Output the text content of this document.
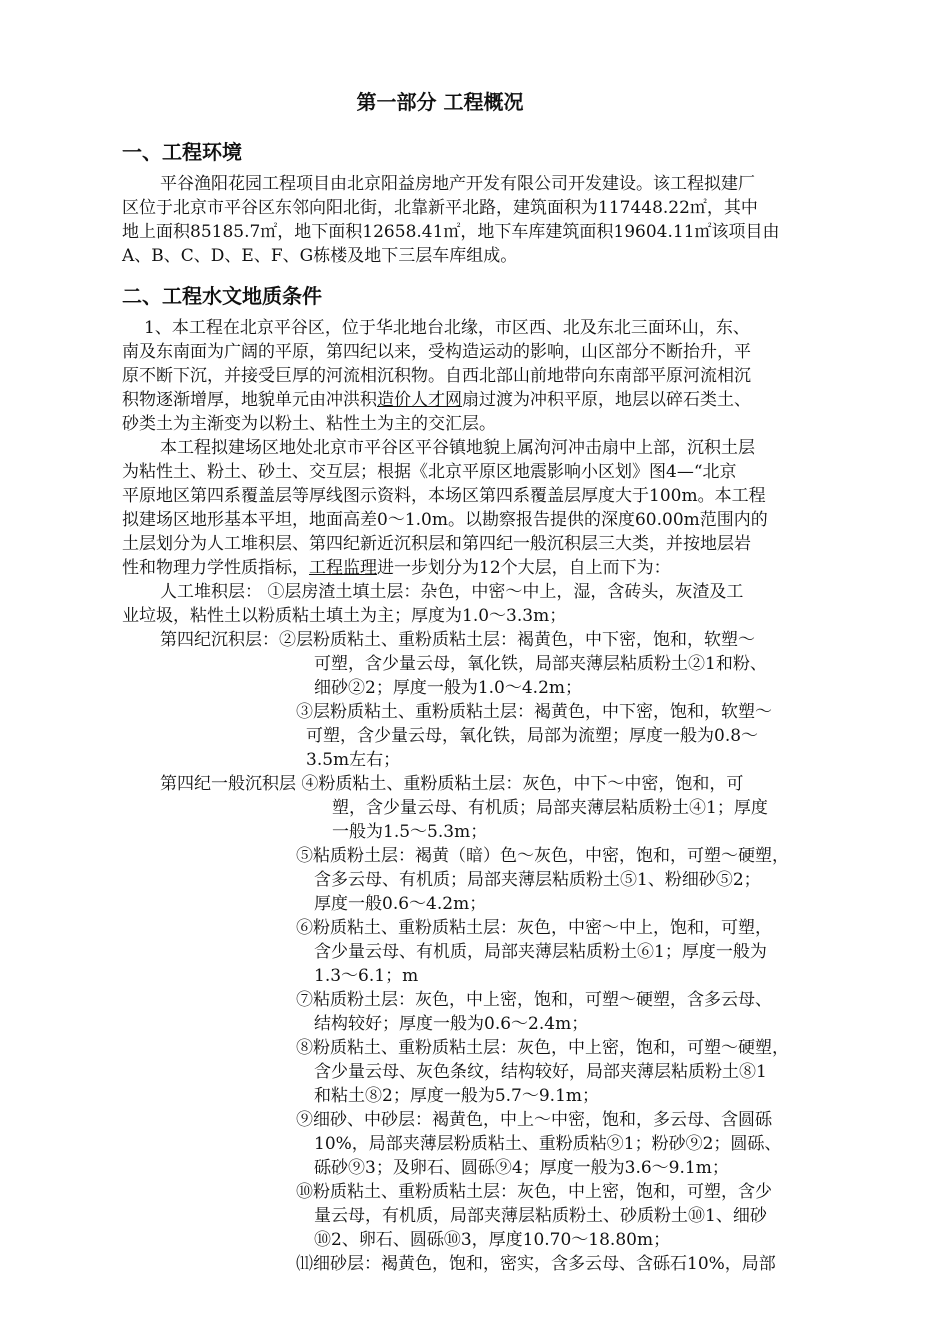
第一部分 工程概况
一、工程环境
平谷渔阳花园工程项目由北京阳益房地产开发有限公司开发建设。该工程拟建厂
区位于北京市平谷区东邻向阳北街，北靠新平北路，建筑面积为117448.22㎡，其中
地上面积85185.7㎡，地下面积12658.41㎡，地下车库建筑面积19604.11㎡该项目由
A、B、C、D、E、F、G栋楼及地下三层车库组成。
二、工程水文地质条件
1、本工程在北京平谷区，位于华北地台北缘，市区西、北及东北三面环山，东、
南及东南面为广阔的平原，第四纪以来，受构造运动的影响，山区部分不断抬升，平
原不断下沉，并接受巨厚的河流相沉积物。自西北部山前地带向东南部平原河流相沉
积物逐渐增厚，地貌单元由冲洪积造价人才网扇过渡为冲积平原，地层以碎石类土、
砂类土为主渐变为以粉土、粘性土为主的交汇层。
本工程拟建场区地处北京市平谷区平谷镇地貌上属泃河冲击扇中上部，沉积土层
为粘性土、粉土、砂土、交互层；根据《北京平原区地震影响小区划》图4—“北京
平原地区第四系覆盖层等厚线图示资料，本场区第四系覆盖层厚度大于100m。本工程
拟建场区地形基本平坦，地面高差0～1.0m。以勘察报告提供的深度60.00m范围内的
土层划分为人工堆积层、第四纪新近沉积层和第四纪一般沉积层三大类，并按地层岩
性和物理力学性质指标，工程监理进一步划分为12个大层，自上而下为：
人工堆积层： ①层房渣土填土层：杂色，中密～中上，湿，含砖头，灰渣及工
业垃圾，粘性土以粉质粘土填土为主；厚度为1.0～3.3m；
第四纪沉积层：②层粉质粘土、重粉质粘土层：褐黄色，中下密，饱和，软塑～
可塑，含少量云母，氧化铁，局部夹薄层粘质粉土②1和粉、
细砂②2；厚度一般为1.0～4.2m；
③层粉质粘土、重粉质粘土层：褐黄色，中下密，饱和，软塑～
可塑，含少量云母，氧化铁，局部为流塑；厚度一般为0.8～
3.5m左右；
第四纪一般沉积层 ④粉质粘土、重粉质粘土层：灰色，中下～中密，饱和，可
塑，含少量云母、有机质；局部夹薄层粘质粉土④1；厚度
一般为1.5～5.3m；
⑤粘质粉土层：褐黄（暗）色～灰色，中密，饱和，可塑～硬塑，
含多云母、有机质；局部夹薄层粘质粉土⑤1、粉细砂⑤2；
厚度一般0.6～4.2m；
⑥粉质粘土、重粉质粘土层：灰色，中密～中上，饱和，可塑，
含少量云母、有机质，局部夹薄层粘质粉土⑥1；厚度一般为
1.3～6.1；m
⑦粘质粉土层：灰色，中上密，饱和，可塑～硬塑，含多云母、
结构较好；厚度一般为0.6～2.4m；
⑧粉质粘土、重粉质粘土层：灰色，中上密，饱和，可塑～硬塑，
含少量云母、灰色条纹，结构较好，局部夹薄层粘质粉土⑧1
和粘土⑧2；厚度一般为5.7～9.1m；
⑨细砂、中砂层：褐黄色，中上～中密，饱和，多云母、含圆砾
10%，局部夹薄层粉质粘土、重粉质粘⑨1；粉砂⑨2；圆砾、
砾砂⑨3；及卵石、圆砾⑨4；厚度一般为3.6～9.1m；
⑩粉质粘土、重粉质粘土层：灰色，中上密，饱和，可塑，含少
量云母，有机质，局部夹薄层粘质粉土、砂质粉土⑩1、细砂
⑩2、卵石、圆砾⑩3，厚度10.70～18.80m；
⑾细砂层：褐黄色，饱和，密实，含多云母、含砾石10%，局部
